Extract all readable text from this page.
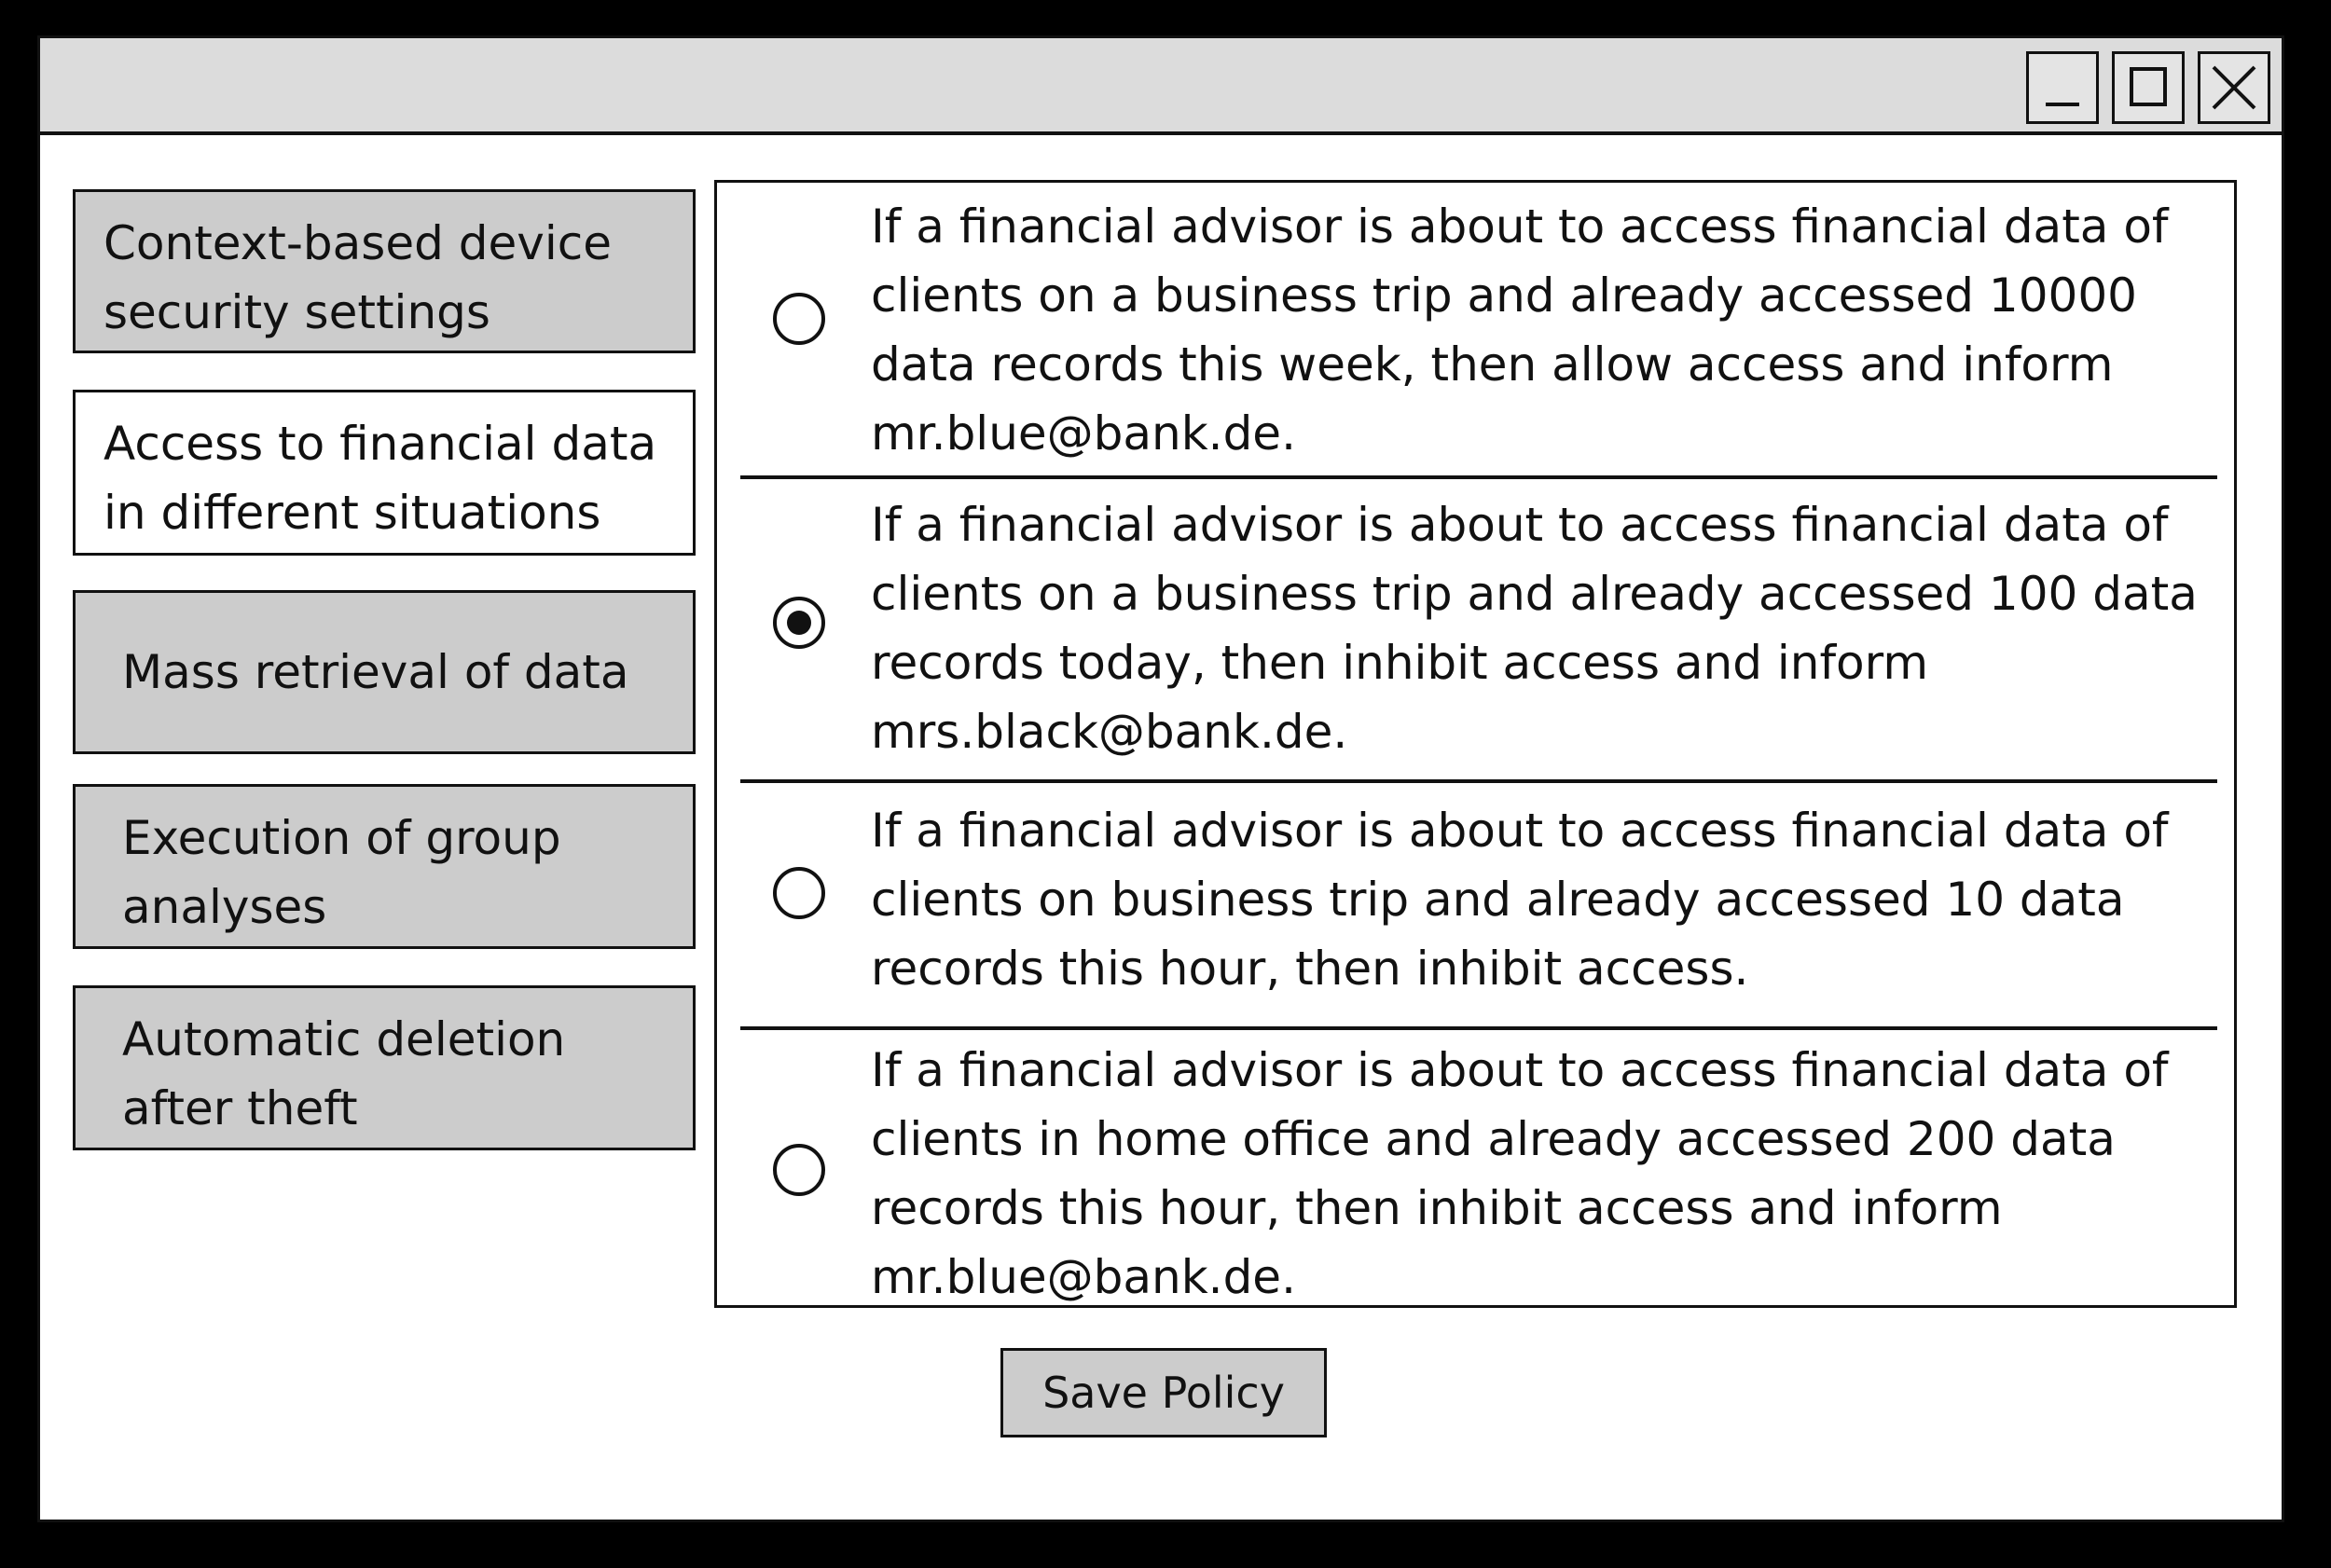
Context-based device security settings
Access to financial data in different situations
Mass retrieval of data
Execution of group analyses
Automatic deletion after theft
If a financial advisor is about to access financial data of clients on a business trip and already accessed 10000 data records this week, then allow access and inform mr.blue@bank.de.
If a financial advisor is about to access financial data of clients on a business trip and already accessed 100 data records today, then inhibit access and inform mrs.black@bank.de.
If a financial advisor is about to access financial data of clients on business trip and already accessed 10 data records this hour, then inhibit access.
If a financial advisor is about to access financial data of clients in home office and already accessed 200 data records this hour, then inhibit access and inform mr.blue@bank.de.
Save Policy
